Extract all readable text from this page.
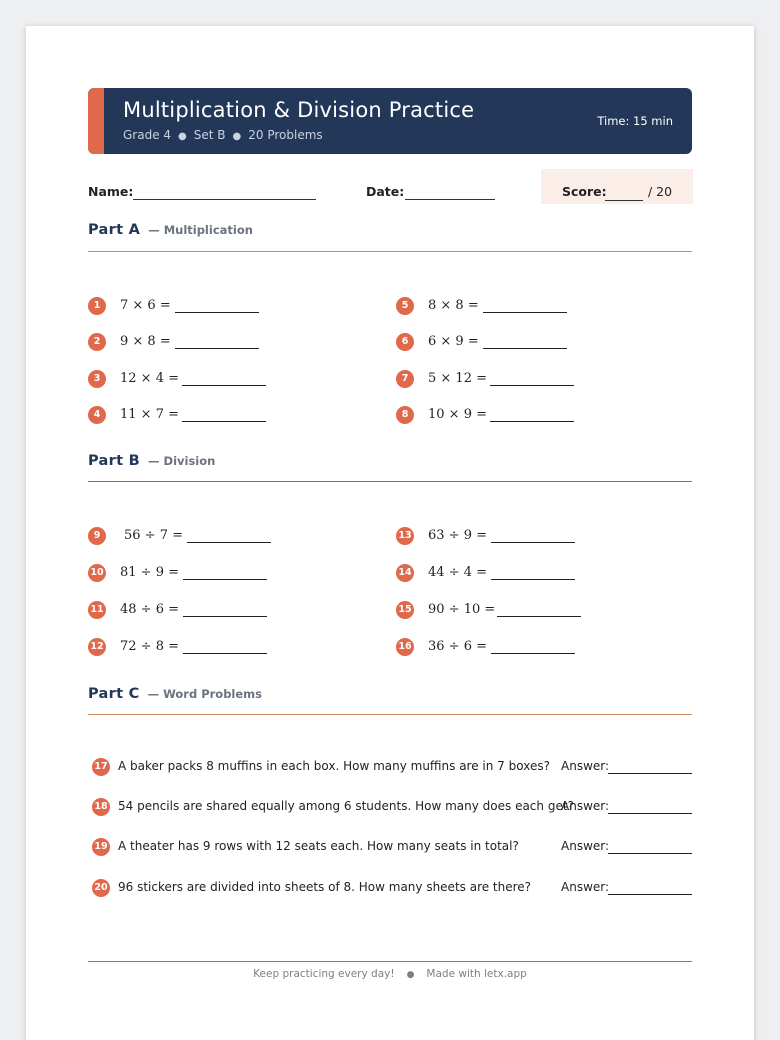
Multiplication & Division Practice
Grade 4 ● Set B ● 20 Problems
Time: 15 min
Name:	Date:	Score:	/ 20
Part A — Multiplication
1	7 × 6 =
2	9 × 8 =
3	12 × 4 =
4	11 × 7 =
5	8 × 8 =
6	6 × 9 =
7	5 × 12 =
8	10 × 9 =
Part B — Division
9	56 ÷ 7 =
10 81 ÷ 9 =
11 48 ÷ 6 =
12 72 ÷ 8 =
13 63 ÷ 9 =
14 44 ÷ 4 =
15 90 ÷ 10 =
16 36 ÷ 6 =
Part C — Word Problems
17 A baker packs 8 muffins in each box. How many muffins are in 7 boxes? Answer:
18 54 pencils are shared equally among 6 students. How many does each get?
Answer:
19 A theater has 9 rows with 12 seats each. How many seats in total?	Answer:
20 96 stickers are divided into sheets of 8. How many sheets are there? Answer:
Keep practicing every day! ● Made with letx.app
